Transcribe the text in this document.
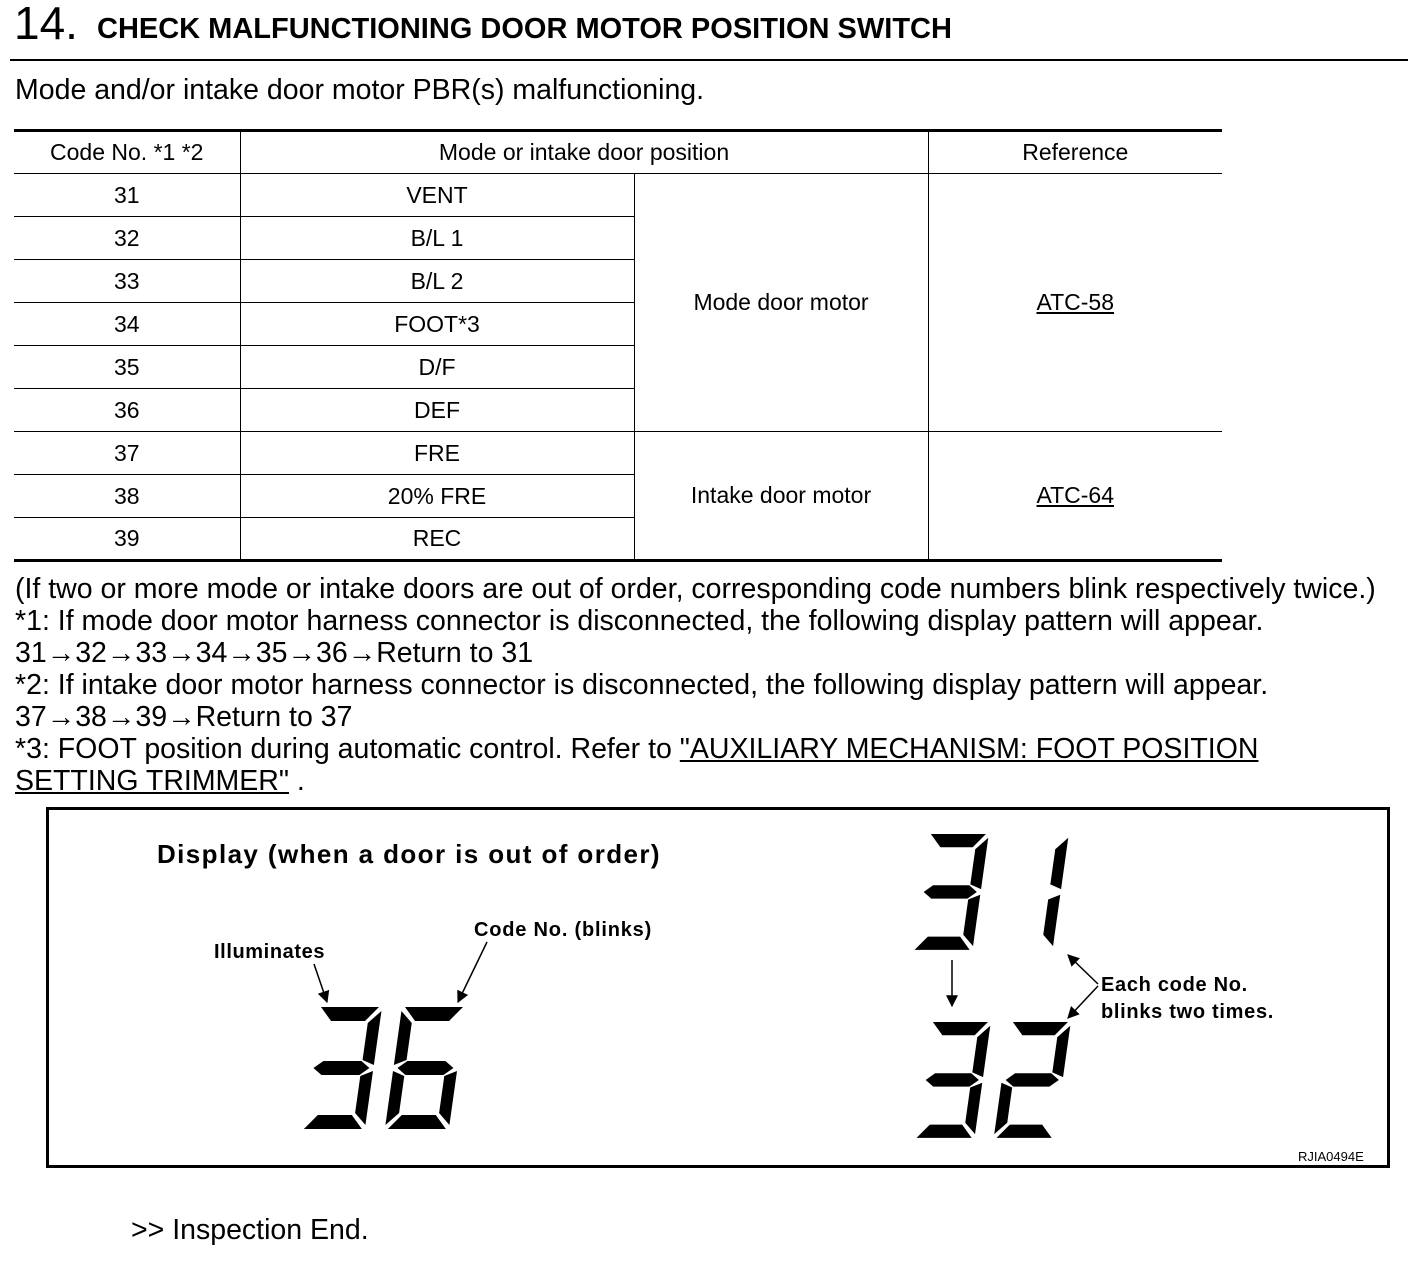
14. CHECK MALFUNCTIONING DOOR MOTOR POSITION SWITCH
Mode and/or intake door motor PBR(s) malfunctioning.
Code No. *1 *2	Mode or intake door position		Reference
31	VENT	Mode door motor	ATC-58
32	B/L 1		
33	B/L 2		
34	FOOT*3		
35	D/F		
36	DEF		
37	FRE	Intake door motor	ATC-64
38	20% FRE		
39	REC		
(If two or more mode or intake doors are out of order, corresponding code numbers blink respectively twice.)
*1: If mode door motor harness connector is disconnected, the following display pattern will appear.
31→32→33→34→35→36→Return to 31
*2: If intake door motor harness connector is disconnected, the following display pattern will appear.
37→38→39→Return to 37
*3: FOOT position during automatic control. Refer to "AUXILIARY MECHANISM: FOOT POSITION SETTING TRIMMER" .
Display (when a door is out of order)
Code No. (blinks)
Illuminates
Each code No.
blinks two times.
RJIA0494E
>> Inspection End.
